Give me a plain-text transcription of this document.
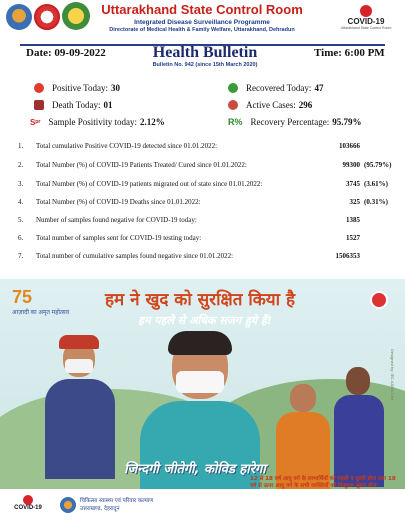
Uttarakhand State Control Room
Integrated Disease Surveillance Programme
Directorate of Medical Health & Family Welfare, Uttarakhand, Dehradun
COVID-19
Uttarakhand State Control Room
Date: 09-09-2022	Health Bulletin
Bulletin No. 942 (since 15th March 2020)
Time: 6:00 PM
Positive Today: 30
Death Today: 01
Sᵖʳ Sample Positivity today: 2.12%
Recovered Today: 47
Active Cases: 296
R% Recovery Percentage: 95.79%
1. Total cumulative Positive COVID-19 detected since 01.01.2022:	103666
2. Total Number (%) of COVID-19 Patients Treated/ Cured since 01.01.2022:	99300 (95.79%)
3. Total Number (%) of COVID-19 patients migrated out of state since 01.01.2022:	3745 (3.61%)
4. Total Number (%) of COVID-19 Deaths since 01.01.2022:	325 (0.31%)
5. Number of samples found negative for COVID-19 today:	1385
6. Total number of samples sent for COVID-19 testing today:	1527
7. Total number of cumulative samples found negative since 01.01.2022:	1506353
75
आज़ादी का अमृत महोत्सव
हम ने खुद को सुरक्षित किया है
हम पहले से अधिक सजग हुये हैं!
Designed by: IEC ASHA Cell
जिन्दगी जीतेगी, कोविड हारेगा
12 से 18 वर्ष आयु वर्ग के लाभार्थियों को पहली व दूसरी डोज तथा 18 वर्ष से ऊपर आयु वर्ग के सभी व्यक्तियों को निःशुल्क बूस्टर डोज
COVID-19
चिकित्सा स्वास्थ्य एवं परिवार कल्याण
उत्तराखण्ड, देहरादून
